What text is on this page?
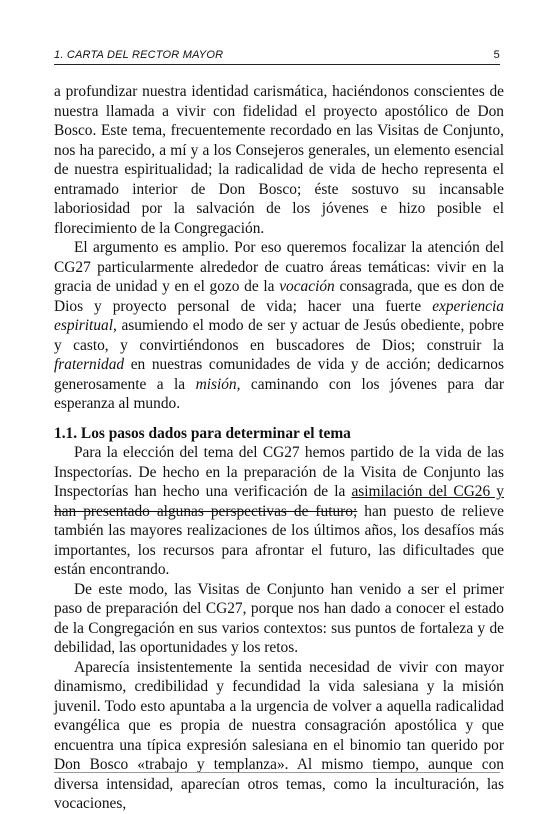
1. CARTA DEL RECTOR MAYOR	5

a profundizar nuestra identidad carismática, haciéndonos conscientes de nuestra llamada a vivir con fidelidad el proyecto apostólico de Don Bosco. Este tema, frecuentemente recordado en las Visitas de Conjunto, nos ha parecido, a mí y a los Consejeros generales, un elemento esencial de nuestra espiritualidad; la radicalidad de vida de hecho representa el entramado interior de Don Bosco; éste sostuvo su incansable laboriosidad por la salvación de los jóvenes e hizo posible el florecimiento de la Congregación.

El argumento es amplio. Por eso queremos focalizar la atención del CG27 particularmente alrededor de cuatro áreas temáticas: vivir en la gracia de unidad y en el gozo de la vocación consagrada, que es don de Dios y proyecto personal de vida; hacer una fuerte experiencia espiritual, asumiendo el modo de ser y actuar de Jesús obediente, pobre y casto, y convirtiéndonos en buscadores de Dios; construir la fraternidad en nuestras comunidades de vida y de acción; dedicarnos generosamente a la misión, caminando con los jóvenes para dar esperanza al mundo.

1.1. Los pasos dados para determinar el tema

Para la elección del tema del CG27 hemos partido de la vida de las Inspectorías. De hecho en la preparación de la Visita de Conjunto las Inspectorías han hecho una verificación de la asimilación del CG26 y han presentado algunas perspectivas de futuro; han puesto de relieve también las mayores realizaciones de los últimos años, los desafíos más importantes, los recursos para afrontar el futuro, las dificultades que están encontrando.

De este modo, las Visitas de Conjunto han venido a ser el primer paso de preparación del CG27, porque nos han dado a conocer el estado de la Congregación en sus varios contextos: sus puntos de fortaleza y de debilidad, las oportunidades y los retos.

Aparecía insistentemente la sentida necesidad de vivir con mayor dinamismo, credibilidad y fecundidad la vida salesiana y la misión juvenil. Todo esto apuntaba a la urgencia de volver a aquella radicalidad evangélica que es propia de nuestra consagración apostólica y que encuentra una típica expresión salesiana en el binomio tan querido por Don Bosco «trabajo y templanza». Al mismo tiempo, aunque con diversa intensidad, aparecían otros temas, como la inculturación, las vocaciones,
